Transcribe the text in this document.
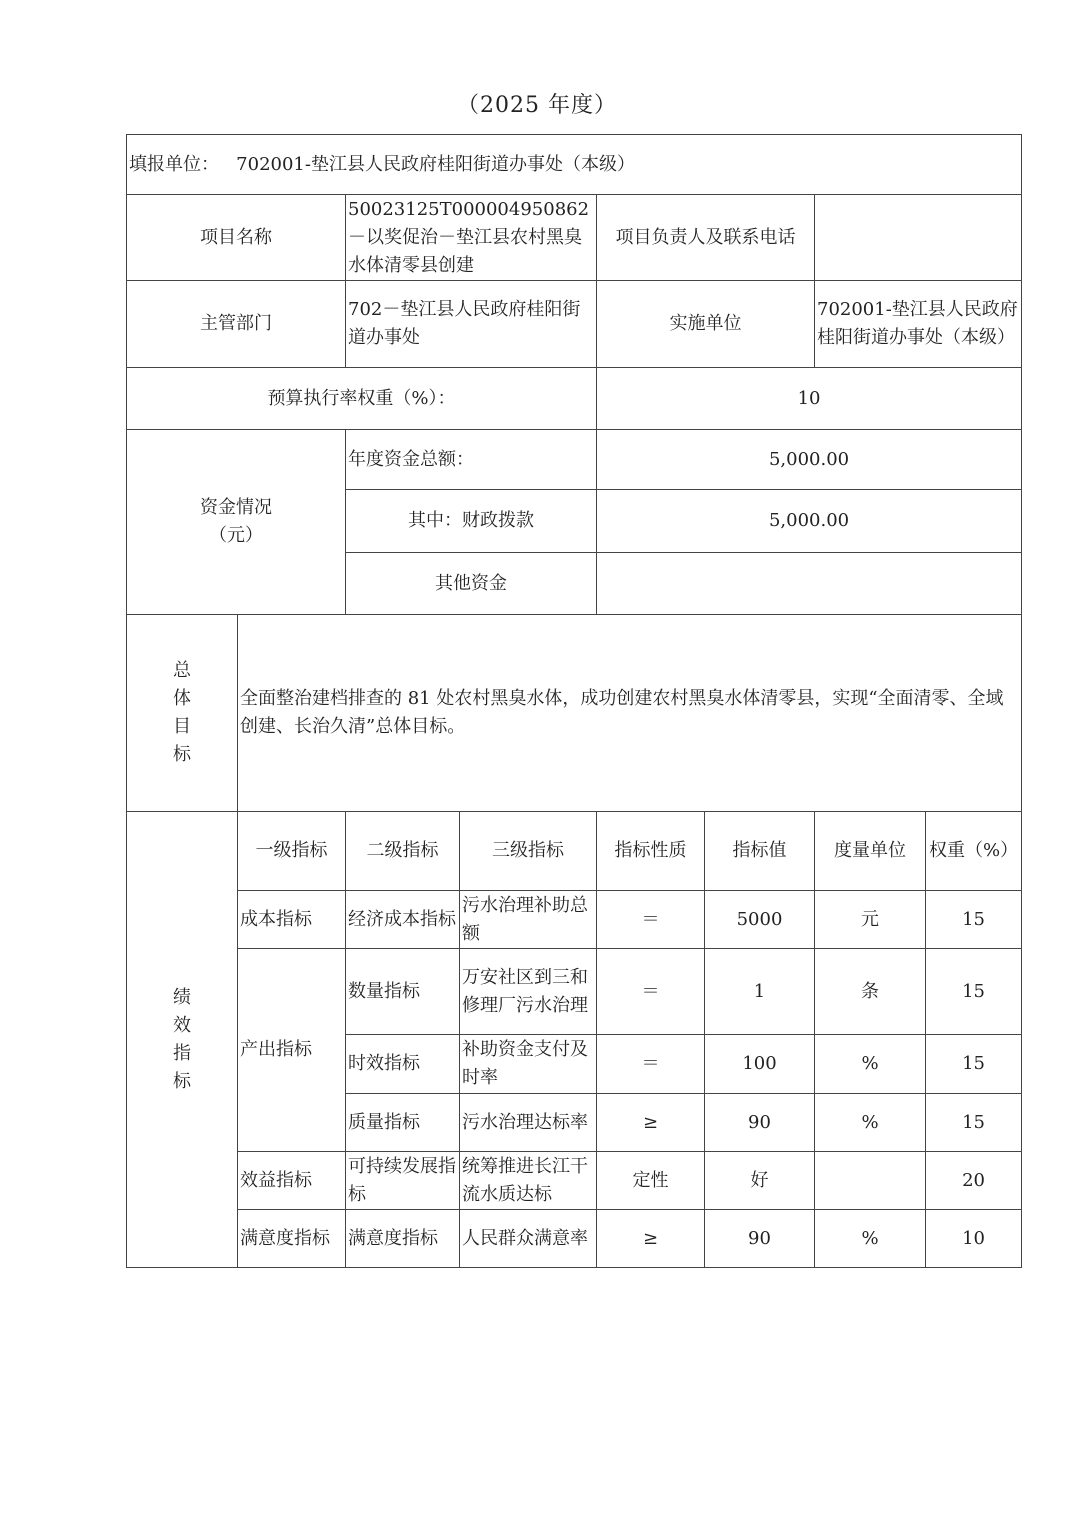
（2025 年度）
填报单位： 702001-垫江县人民政府桂阳街道办事处（本级）							
项目名称		50023125T000004950862－以奖促治－垫江县农村黑臭水体清零县创建		项目负责人及联系电话			
主管部门		702－垫江县人民政府桂阳街道办事处		实施单位		702001-垫江县人民政府桂阳街道办事处（本级）	
预算执行率权重（%）：				10			

资金情况
（元）		年度资金总额：		5,000.00			
		其中：财政拨款		5,000.00			
		其他资金					

总
体
目
标	全面整治建档排查的 81 处农村黑臭水体，成功创建农村黑臭水体清零县，实现“全面清零、全域创建、长治久清”总体目标。						

绩
效
指
标	一级指标	二级指标	三级指标	指标性质	指标值	度量单位	权重（%）
	成本指标	经济成本指标	污水治理补助总额	＝	5000	元	15
	产出指标	数量指标	万安社区到三和修理厂污水治理	＝	1	条	15
		时效指标	补助资金支付及时率	＝	100	%	15
		质量指标	污水治理达标率	≥	90	%	15
	效益指标	可持续发展指标	统筹推进长江干流水质达标	定性	好		20
	满意度指标	满意度指标	人民群众满意率	≥	90	%	10
